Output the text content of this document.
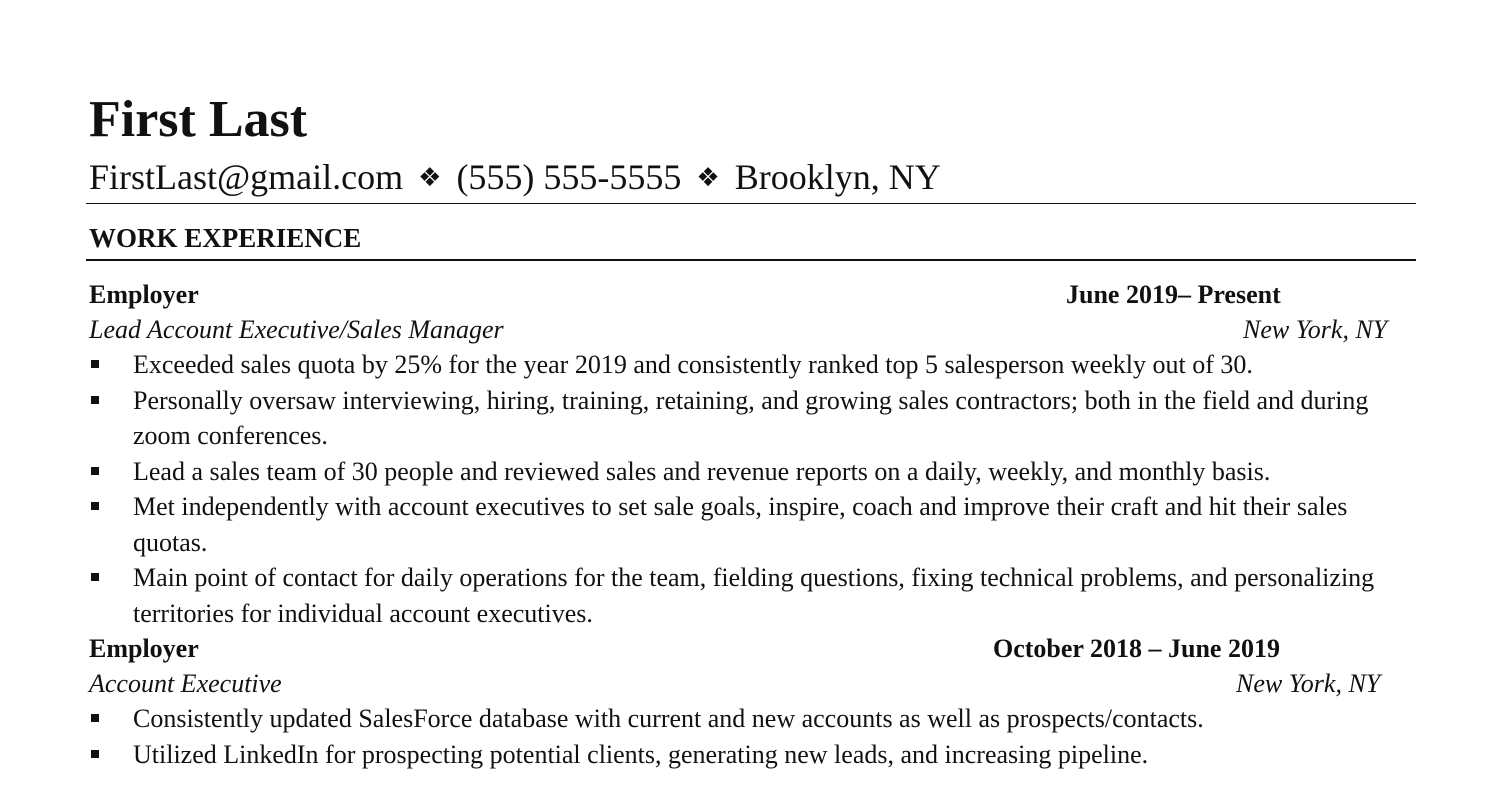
First Last
FirstLast@gmail.com ❖ (555) 555-5555 ❖ Brooklyn, NY
WORK EXPERIENCE
Employer	June 2019– Present
Lead Account Executive/Sales Manager	New York, NY
Exceeded sales quota by 25% for the year 2019 and consistently ranked top 5 salesperson weekly out of 30.
Personally oversaw interviewing, hiring, training, retaining, and growing sales contractors; both in the field and during zoom conferences.
Lead a sales team of 30 people and reviewed sales and revenue reports on a daily, weekly, and monthly basis.
Met independently with account executives to set sale goals, inspire, coach and improve their craft and hit their sales quotas.
Main point of contact for daily operations for the team, fielding questions, fixing technical problems, and personalizing territories for individual account executives.
Employer	October 2018 – June 2019
Account Executive	New York, NY
Consistently updated SalesForce database with current and new accounts as well as prospects/contacts.
Utilized LinkedIn for prospecting potential clients, generating new leads, and increasing pipeline.
